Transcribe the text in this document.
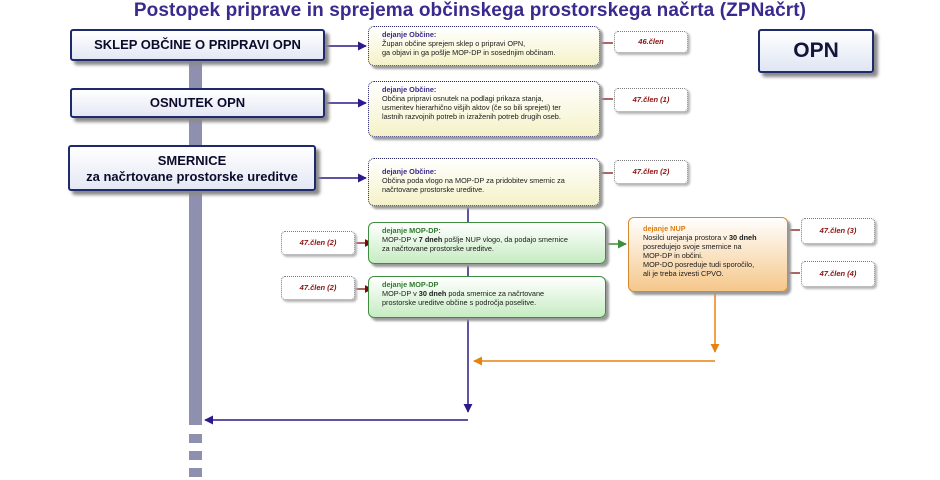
Postopek priprave in sprejema občinskega prostorskega načrta (ZPNačrt)
SKLEP OBČINE O PRIPRAVI OPN
OSNUTEK OPN
SMERNICE
za načrtovane prostorske ureditve
OPN
dejanje Občine:
Župan občine sprejem sklep o pripravi OPN,
ga objavi in ga pošlje MOP-DP in sosednjim občinam.
dejanje Občine:
Občina pripravi osnutek na podlagi prikaza stanja,
usmeritev hierarhično višjih aktov (če so bili sprejeti) ter
lastnih razvojnih potreb in izraženih potreb drugih oseb.
dejanje Občine:
Občina poda vlogo na MOP-DP za pridobitev smernic za
načrtovane prostorske ureditve.
dejanje MOP-DP:
MOP-DP v 7 dneh pošlje NUP vlogo, da podajo smernice
za načrtovane prostorske ureditve.
dejanje MOP-DP
MOP-DP v 30 dneh poda smernice za načrtovane
prostorske ureditve občine s področja poselitve.
dejanje NUP
Nosilci urejanja prostora v 30 dneh
posredujejo svoje smernice na
MOP-DP in občini.
MOP-DO posreduje tudi sporočilo,
ali je treba izvesti CPVO.
46.člen
47.člen (1)
47.člen (2)
47.člen (2)
47.člen (2)
47.člen (3)
47.člen (4)
